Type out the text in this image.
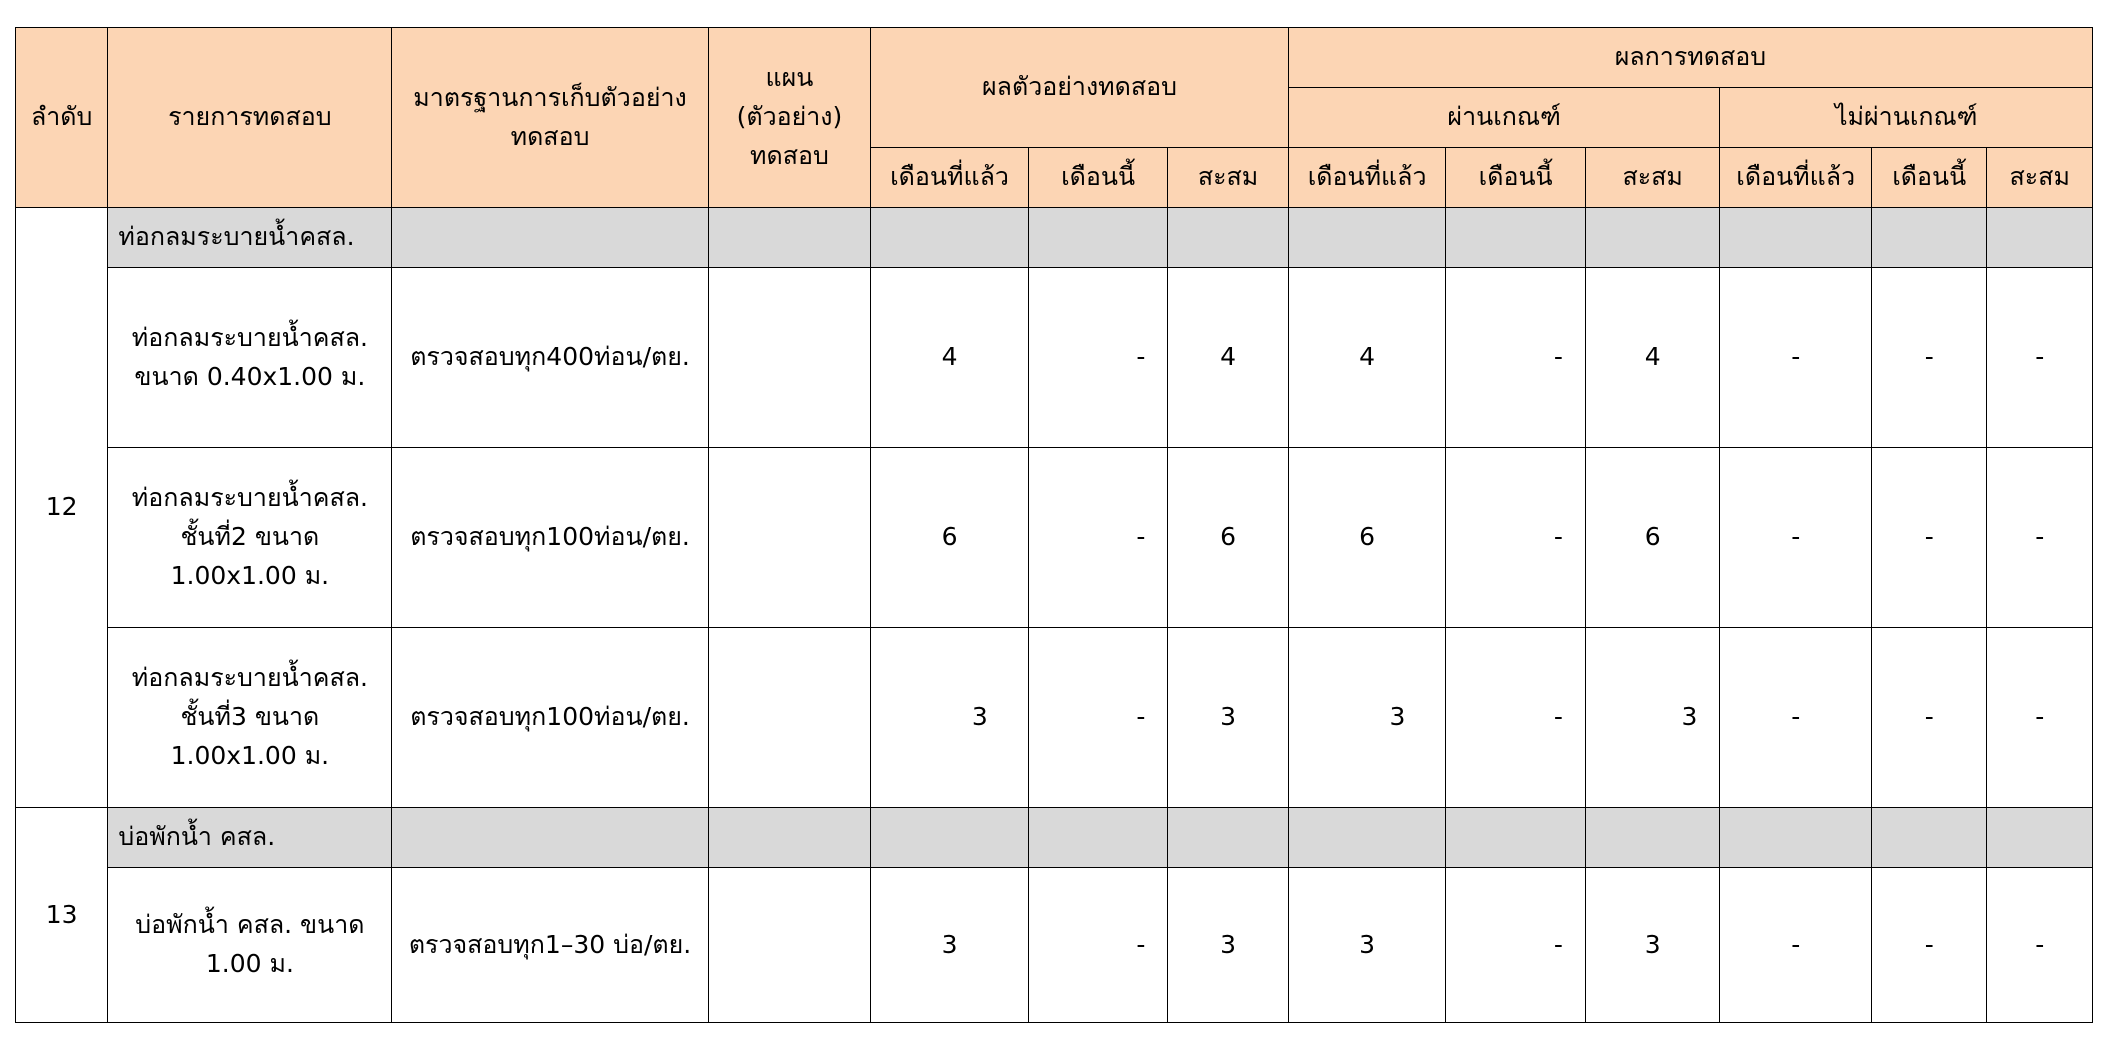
ลำดับ	รายการทดสอบ	มาตรฐานการเก็บตัวอย่างทดสอบ	แผน (ตัวอย่าง) ทดสอบ	ผลตัวอย่างทดสอบ			ผลการทดสอบ					
							ผ่านเกณฑ์			ไม่ผ่านเกณฑ์		
				เดือนที่แล้ว	เดือนนี้	สะสม	เดือนที่แล้ว	เดือนนี้	สะสม	เดือนที่แล้ว	เดือนนี้	สะสม
12	ท่อกลมระบายน้ำคสล.											
	ท่อกลมระบายน้ำคสล. ขนาด 0.40x1.00 ม.	ตรวจสอบทุก400ท่อน/ตย.		4	-	4	4	-	4	-	-	-
	ท่อกลมระบายน้ำคสล. ชั้นที่2 ขนาด 1.00x1.00 ม.	ตรวจสอบทุก100ท่อน/ตย.		6	-	6	6	-	6	-	-	-
	ท่อกลมระบายน้ำคสล. ชั้นที่3 ขนาด 1.00x1.00 ม.	ตรวจสอบทุก100ท่อน/ตย.		3	-	3	3	-	3	-	-	-
13	บ่อพักน้ำ คสล.											
	บ่อพักน้ำ คสล. ขนาด 1.00 ม.	ตรวจสอบทุก1–30 บ่อ/ตย.		3	-	3	3	-	3	-	-	-
